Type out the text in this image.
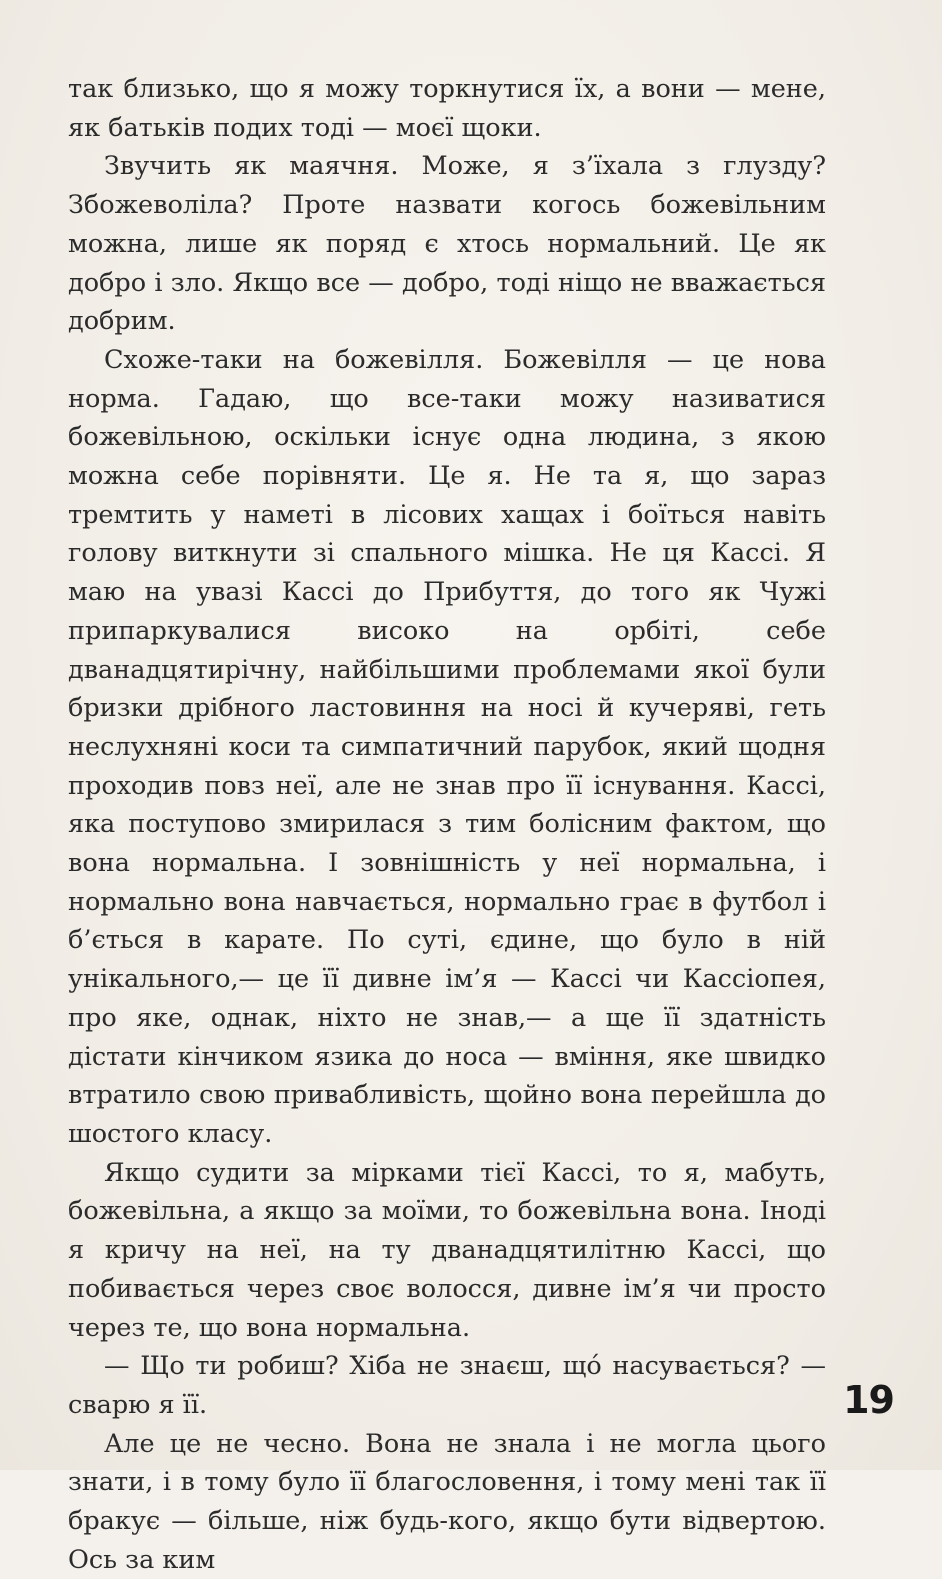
так близько, що я можу торкнутися їх, а вони — мене, як батьків подих тоді — моєї щоки.

Звучить як маячня. Може, я з’їхала з глузду? Збожеволіла? Проте назвати когось божевільним можна, лише як поряд є хтось нормальний. Це як добро і зло. Якщо все — добро, тоді ніщо не вважається добрим.

Схоже-таки на божевілля. Божевілля — це нова норма. Гадаю, що все-таки можу називатися божевільною, оскільки існує одна людина, з якою можна себе порівняти. Це я. Не та я, що зараз тремтить у наметі в лісових хащах і боїться навіть голову виткнути зі спального мішка. Не ця Кассі. Я маю на увазі Кассі до Прибуття, до того як Чужі припаркувалися високо на орбіті, себе дванадцятирічну, найбільшими проблемами якої були бризки дрібного ластовиння на носі й кучеряві, геть неслухняні коси та симпатичний парубок, який щодня проходив повз неї, але не знав про її існування. Кассі, яка поступово змирилася з тим болісним фактом, що вона нормальна. І зовнішність у неї нормальна, і нормально вона навчається, нормально грає в футбол і б’ється в карате. По суті, єдине, що було в ній унікального,— це її дивне ім’я — Кассі чи Кассіопея, про яке, однак, ніхто не знав,— а ще її здатність дістати кінчиком язика до носа — вміння, яке швидко втратило свою привабливість, щойно вона перейшла до шостого класу.

Якщо судити за мірками тієї Кассі, то я, мабуть, божевільна, а якщо за моїми, то божевільна вона. Іноді я кричу на неї, на ту дванадцятилітню Кассі, що побивається через своє волосся, дивне ім’я чи просто через те, що вона нормальна.

— Що ти робиш? Хіба не знаєш, щó насувається? — сварю я її.

Але це не чесно. Вона не знала і не могла цього знати, і в тому було її благословення, і тому мені так її бракує — більше, ніж будь-кого, якщо бути відвертою. Ось за ким

19
